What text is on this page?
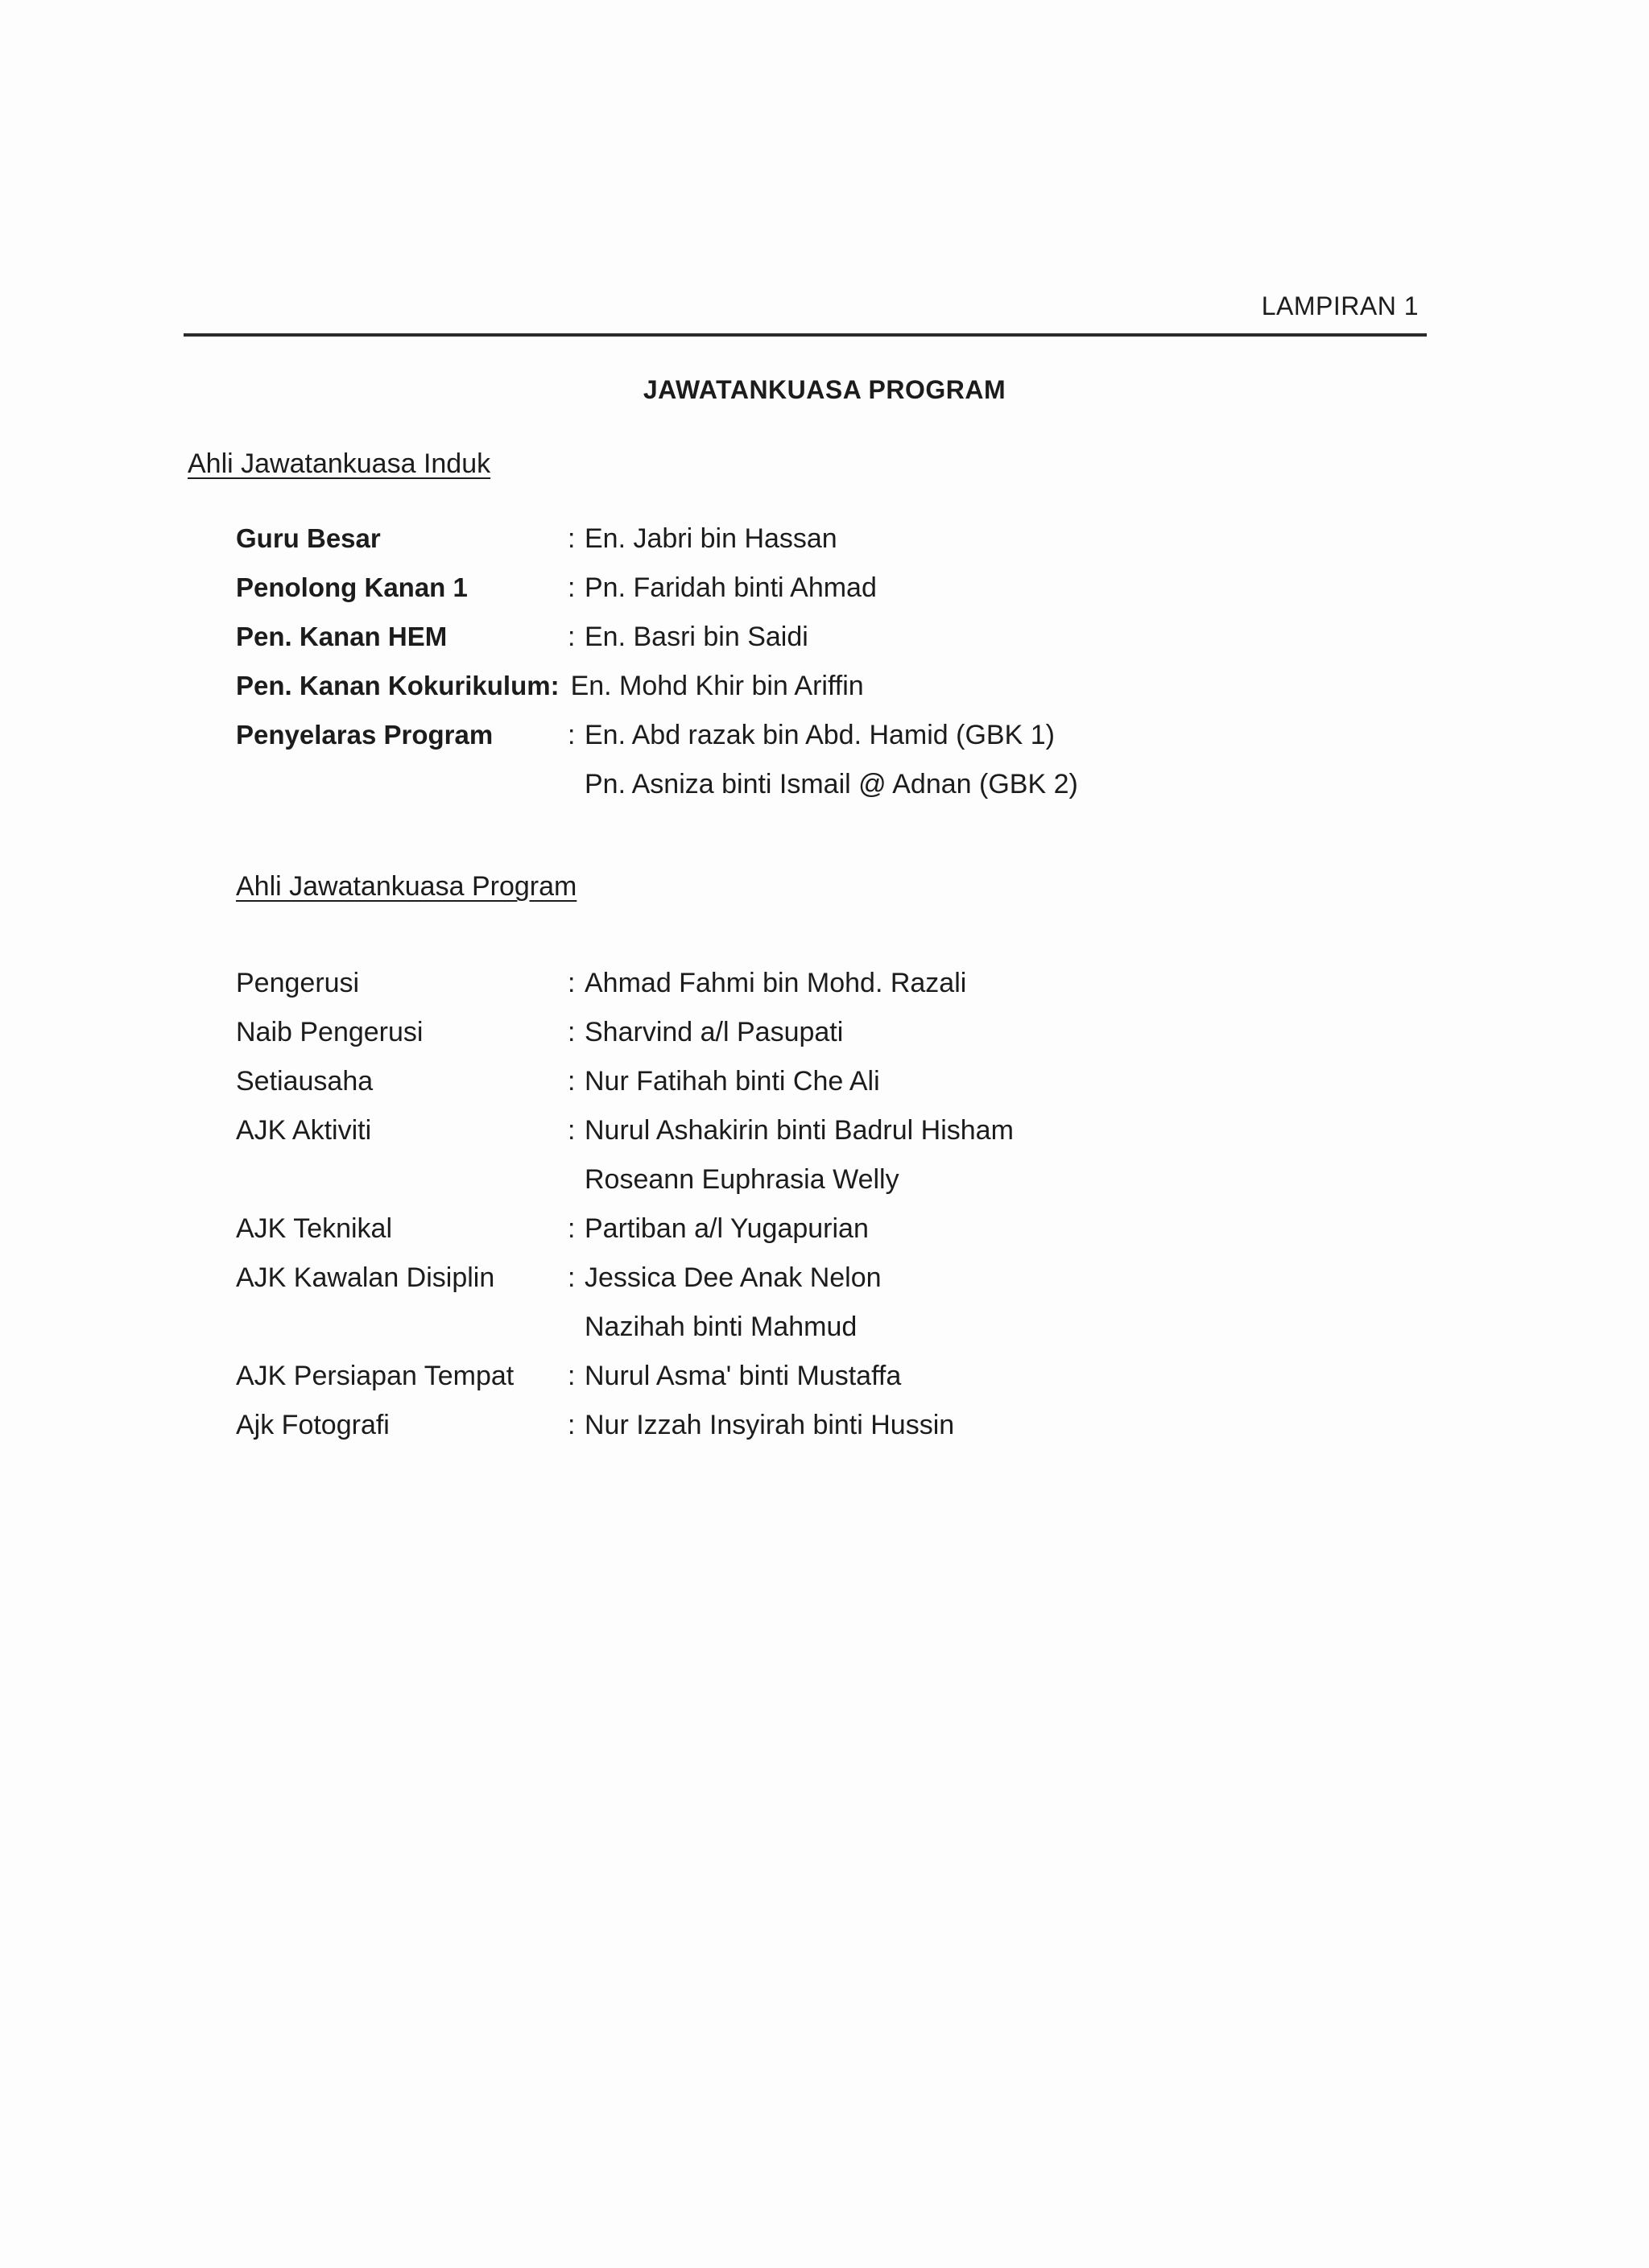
LAMPIRAN 1
JAWATANKUASA PROGRAM
Ahli Jawatankuasa Induk
Guru Besar	: En. Jabri bin Hassan
Penolong Kanan 1	: Pn. Faridah binti Ahmad
Pen. Kanan HEM	: En. Basri bin Saidi
Pen. Kanan Kokurikulum: En. Mohd Khir bin Ariffin
Penyelaras Program	: En. Abd razak bin Abd. Hamid (GBK 1)
Pn. Asniza binti Ismail @ Adnan (GBK 2)
Ahli Jawatankuasa Program
Pengerusi	: Ahmad Fahmi bin Mohd. Razali
Naib Pengerusi	: Sharvind a/l Pasupati
Setiausaha	: Nur Fatihah binti Che Ali
AJK Aktiviti	: Nurul Ashakirin binti Badrul Hisham
Roseann Euphrasia Welly
AJK Teknikal	: Partiban a/l Yugapurian
AJK Kawalan Disiplin	: Jessica Dee Anak Nelon
Nazihah binti Mahmud
AJK Persiapan Tempat : Nurul Asma' binti Mustaffa
Ajk Fotografi	: Nur Izzah Insyirah binti Hussin
